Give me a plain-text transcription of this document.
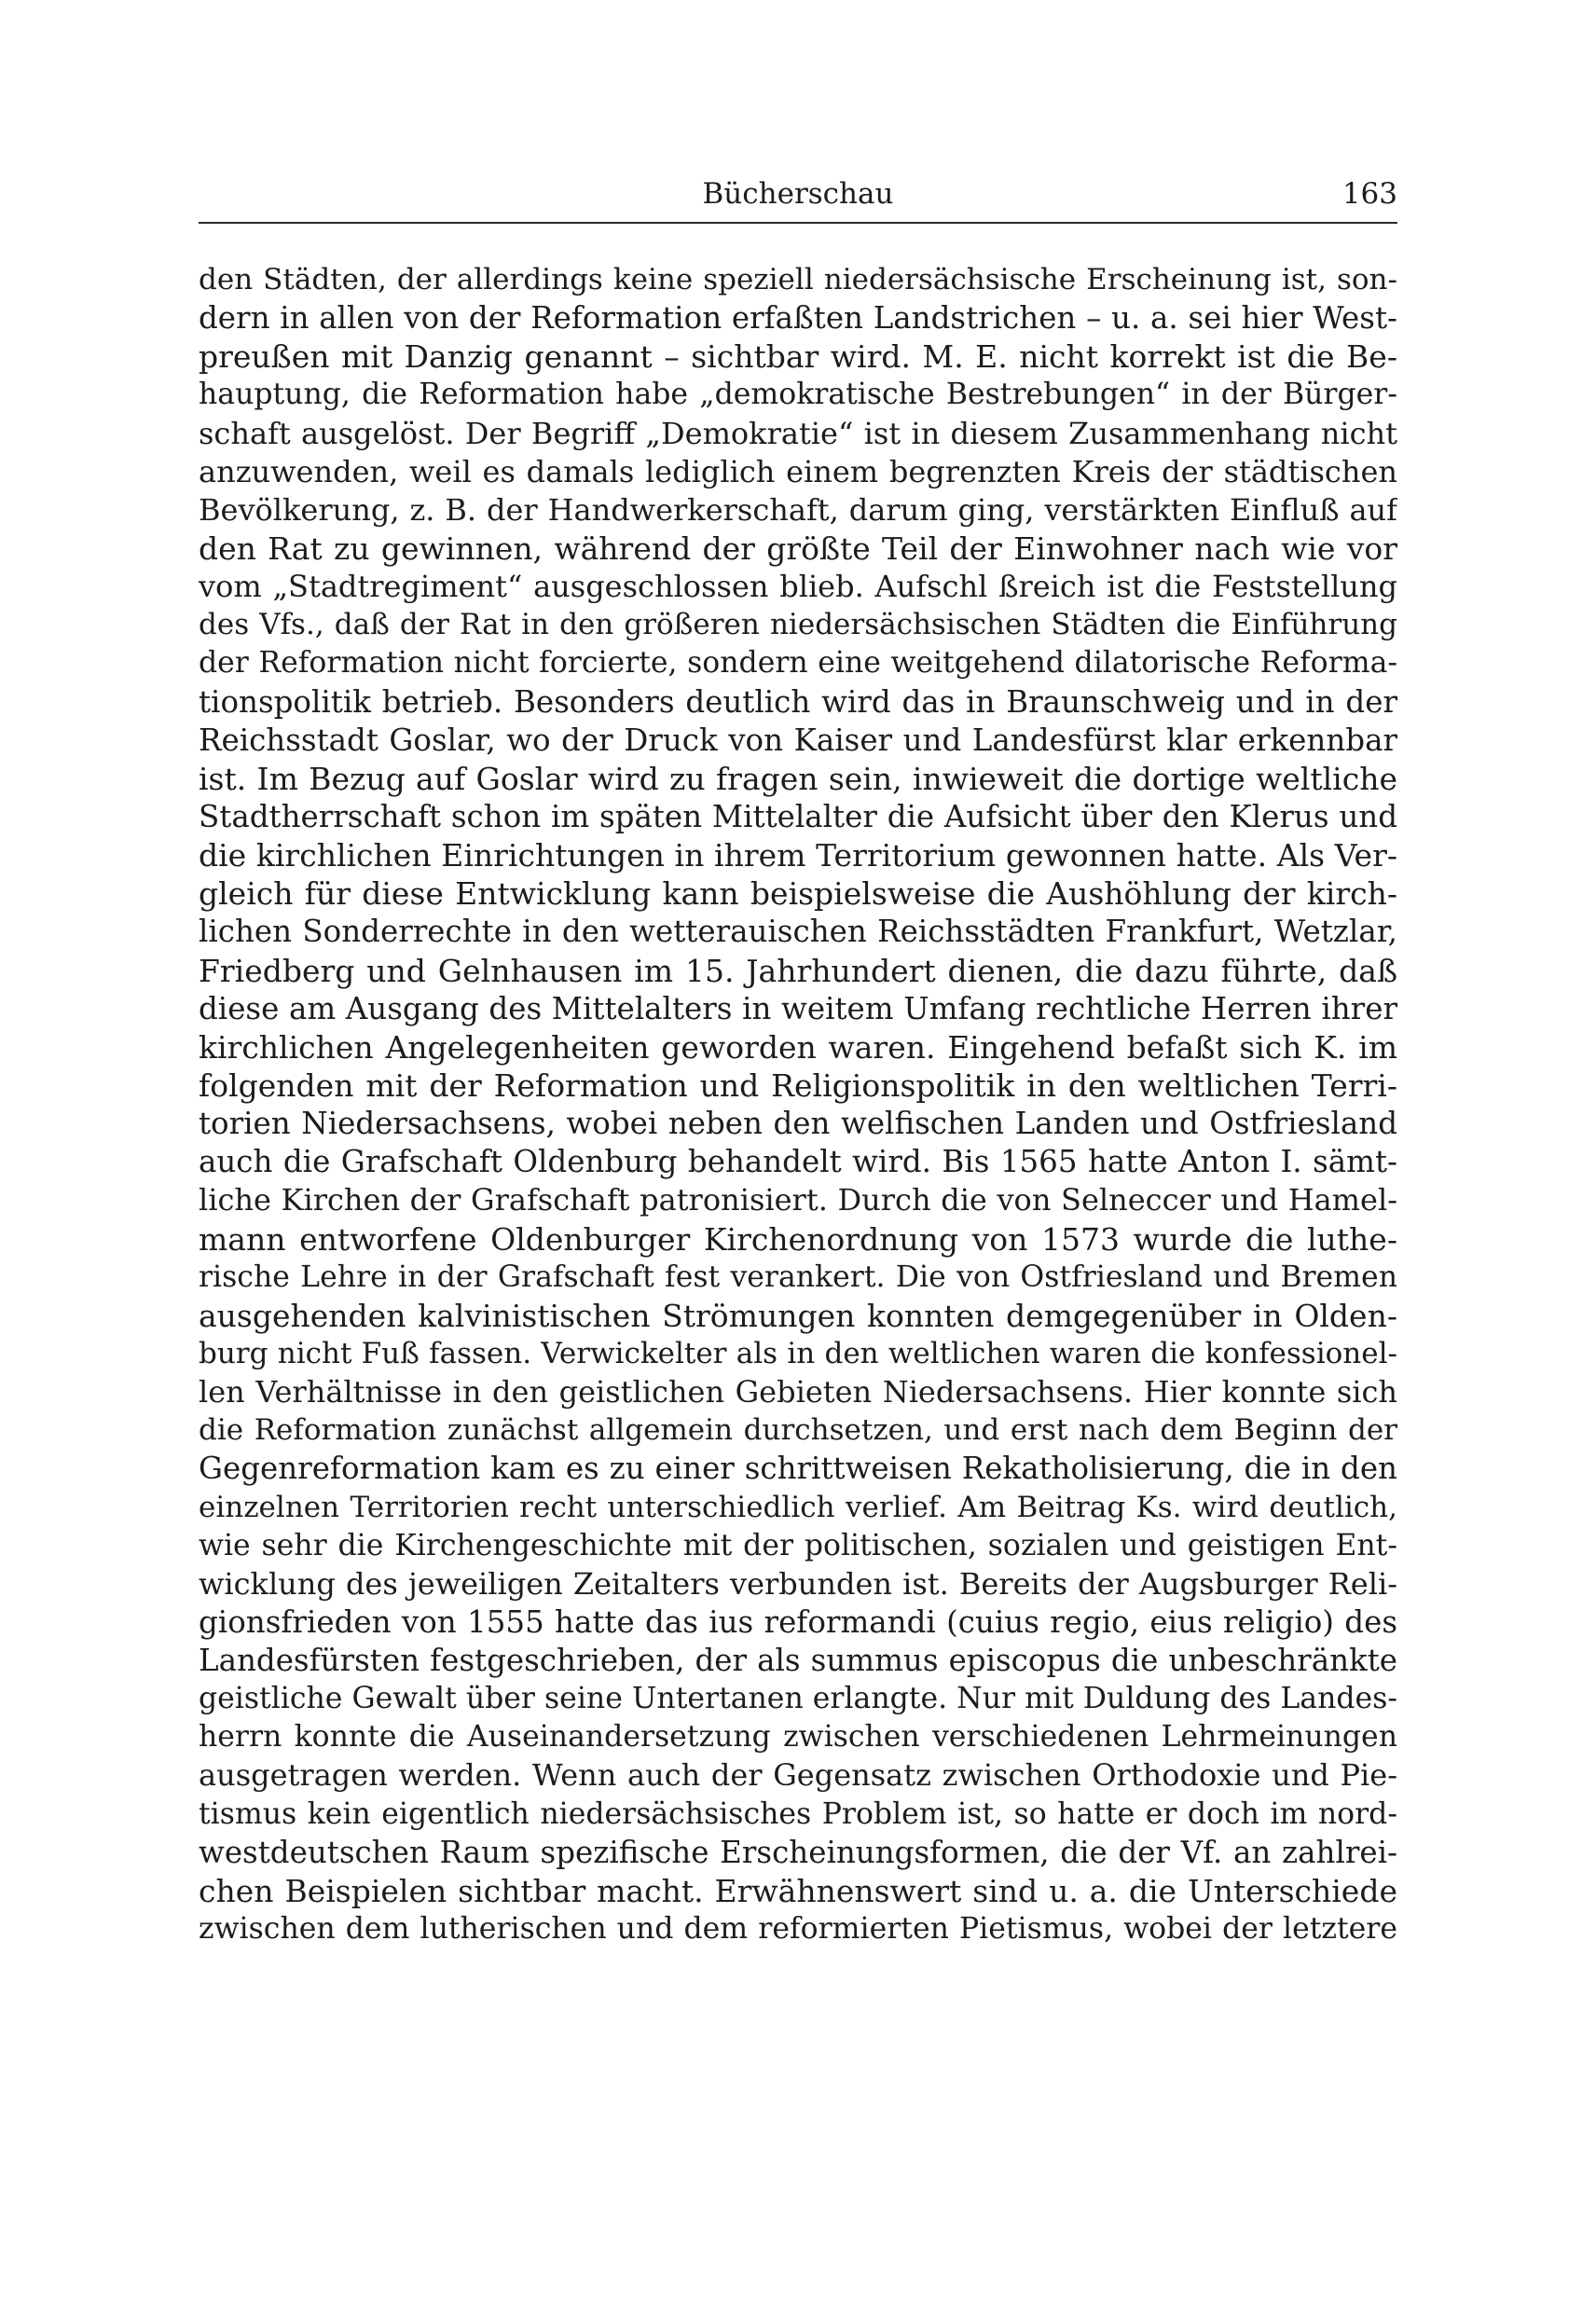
Bücherschau	163
den Städten, der allerdings keine speziell niedersächsische Erscheinung ist, son-
dern in allen von der Reformation erfaßten Landstrichen – u. a. sei hier West-
preußen mit Danzig genannt – sichtbar wird. M. E. nicht korrekt ist die Be-
hauptung, die Reformation habe „demokratische Bestrebungen“ in der Bürger-
schaft ausgelöst. Der Begriff „Demokratie“ ist in diesem Zusammenhang nicht
anzuwenden, weil es damals lediglich einem begrenzten Kreis der städtischen
Bevölkerung, z. B. der Handwerkerschaft, darum ging, verstärkten Einfluß auf
den Rat zu gewinnen, während der größte Teil der Einwohner nach wie vor
vom „Stadtregiment“ ausgeschlossen blieb. Aufschl ßreich ist die Feststellung
des Vfs., daß der Rat in den größeren niedersächsischen Städten die Einführung
der Reformation nicht forcierte, sondern eine weitgehend dilatorische Reforma-
tionspolitik betrieb. Besonders deutlich wird das in Braunschweig und in der
Reichsstadt Goslar, wo der Druck von Kaiser und Landesfürst klar erkennbar
ist. Im Bezug auf Goslar wird zu fragen sein, inwieweit die dortige weltliche
Stadtherrschaft schon im späten Mittelalter die Aufsicht über den Klerus und
die kirchlichen Einrichtungen in ihrem Territorium gewonnen hatte. Als Ver-
gleich für diese Entwicklung kann beispielsweise die Aushöhlung der kirch-
lichen Sonderrechte in den wetterauischen Reichsstädten Frankfurt, Wetzlar,
Friedberg und Gelnhausen im 15. Jahrhundert dienen, die dazu führte, daß
diese am Ausgang des Mittelalters in weitem Umfang rechtliche Herren ihrer
kirchlichen Angelegenheiten geworden waren. Eingehend befaßt sich K. im
folgenden mit der Reformation und Religionspolitik in den weltlichen Terri-
torien Niedersachsens, wobei neben den welfischen Landen und Ostfriesland
auch die Grafschaft Oldenburg behandelt wird. Bis 1565 hatte Anton I. sämt-
liche Kirchen der Grafschaft patronisiert. Durch die von Selneccer und Hamel-
mann entworfene Oldenburger Kirchenordnung von 1573 wurde die luthe-
rische Lehre in der Grafschaft fest verankert. Die von Ostfriesland und Bremen
ausgehenden kalvinistischen Strömungen konnten demgegenüber in Olden-
burg nicht Fuß fassen. Verwickelter als in den weltlichen waren die konfessionel-
len Verhältnisse in den geistlichen Gebieten Niedersachsens. Hier konnte sich
die Reformation zunächst allgemein durchsetzen, und erst nach dem Beginn der
Gegenreformation kam es zu einer schrittweisen Rekatholisierung, die in den
einzelnen Territorien recht unterschiedlich verlief. Am Beitrag Ks. wird deutlich,
wie sehr die Kirchengeschichte mit der politischen, sozialen und geistigen Ent-
wicklung des jeweiligen Zeitalters verbunden ist. Bereits der Augsburger Reli-
gionsfrieden von 1555 hatte das ius reformandi (cuius regio, eius religio) des
Landesfürsten festgeschrieben, der als summus episcopus die unbeschränkte
geistliche Gewalt über seine Untertanen erlangte. Nur mit Duldung des Landes-
herrn konnte die Auseinandersetzung zwischen verschiedenen Lehrmeinungen
ausgetragen werden. Wenn auch der Gegensatz zwischen Orthodoxie und Pie-
tismus kein eigentlich niedersächsisches Problem ist, so hatte er doch im nord-
westdeutschen Raum spezifische Erscheinungsformen, die der Vf. an zahlrei-
chen Beispielen sichtbar macht. Erwähnenswert sind u. a. die Unterschiede
zwischen dem lutherischen und dem reformierten Pietismus, wobei der letztere
